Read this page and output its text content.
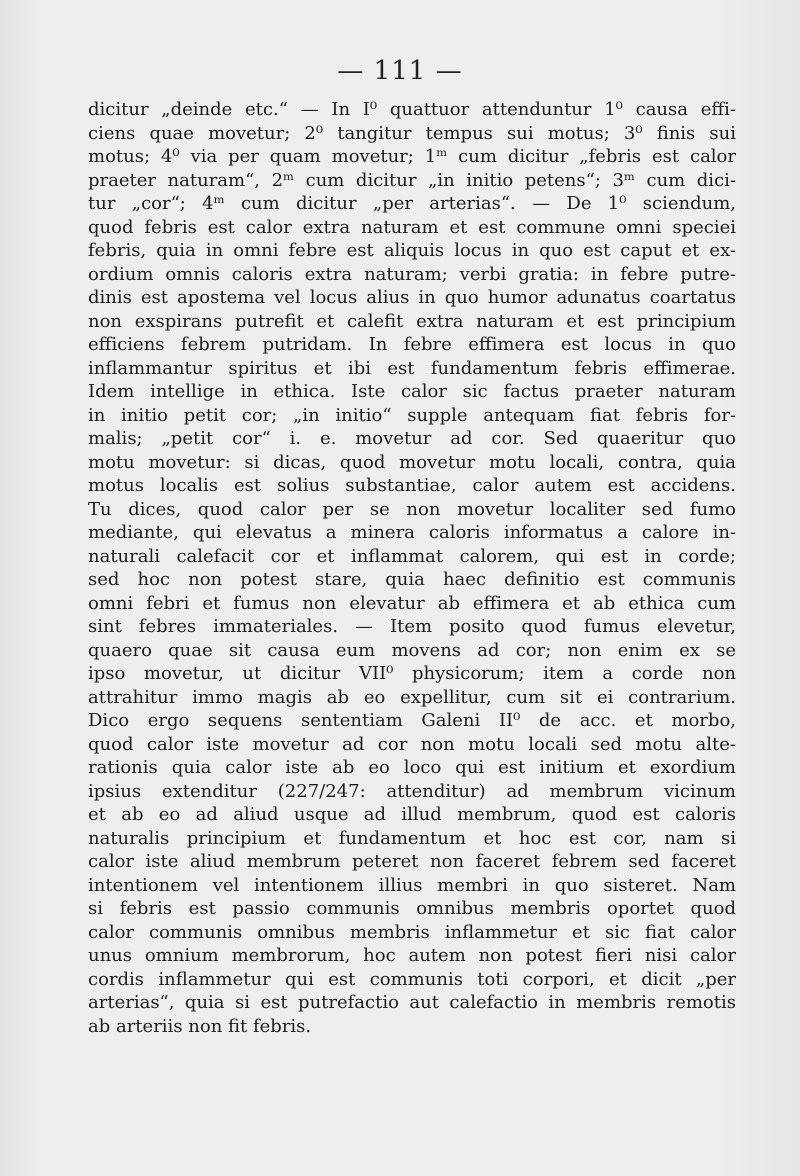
— 111 —
dicitur „deinde etc.“ — In I⁰ quattuor attenduntur 1⁰ causa effi-
ciens quae movetur; 2⁰ tangitur tempus sui motus; 3⁰ finis sui
motus; 4⁰ via per quam movetur; 1ᵐ cum dicitur „febris est calor
praeter naturam“, 2ᵐ cum dicitur „in initio petens“; 3ᵐ cum dici-
tur „cor“; 4ᵐ cum dicitur „per arterias“. — De 1⁰ sciendum,
quod febris est calor extra naturam et est commune omni speciei
febris, quia in omni febre est aliquis locus in quo est caput et ex-
ordium omnis caloris extra naturam; verbi gratia: in febre putre-
dinis est apostema vel locus alius in quo humor adunatus coartatus
non exspirans putrefit et calefit extra naturam et est principium
efficiens febrem putridam. In febre effimera est locus in quo
inflammantur spiritus et ibi est fundamentum febris effimerae.
Idem intellige in ethica. Iste calor sic factus praeter naturam
in initio petit cor; „in initio“ supple antequam fiat febris for-
malis; „petit cor“ i. e. movetur ad cor. Sed quaeritur quo
motu movetur: si dicas, quod movetur motu locali, contra, quia
motus localis est solius substantiae, calor autem est accidens.
Tu dices, quod calor per se non movetur localiter sed fumo
mediante, qui elevatus a minera caloris informatus a calore in-
naturali calefacit cor et inflammat calorem, qui est in corde;
sed hoc non potest stare, quia haec definitio est communis
omni febri et fumus non elevatur ab effimera et ab ethica cum
sint febres immateriales. — Item posito quod fumus elevetur,
quaero quae sit causa eum movens ad cor; non enim ex se
ipso movetur, ut dicitur VII⁰ physicorum; item a corde non
attrahitur immo magis ab eo expellitur, cum sit ei contrarium.
Dico ergo sequens sententiam Galeni II⁰ de acc. et morbo,
quod calor iste movetur ad cor non motu locali sed motu alte-
rationis quia calor iste ab eo loco qui est initium et exordium
ipsius extenditur (227/247: attenditur) ad membrum vicinum
et ab eo ad aliud usque ad illud membrum, quod est caloris
naturalis principium et fundamentum et hoc est cor, nam si
calor iste aliud membrum peteret non faceret febrem sed faceret
intentionem vel intentionem illius membri in quo sisteret. Nam
si febris est passio communis omnibus membris oportet quod
calor communis omnibus membris inflammetur et sic fiat calor
unus omnium membrorum, hoc autem non potest fieri nisi calor
cordis inflammetur qui est communis toti corpori, et dicit „per
arterias“, quia si est putrefactio aut calefactio in membris remotis
ab arteriis non fit febris.
